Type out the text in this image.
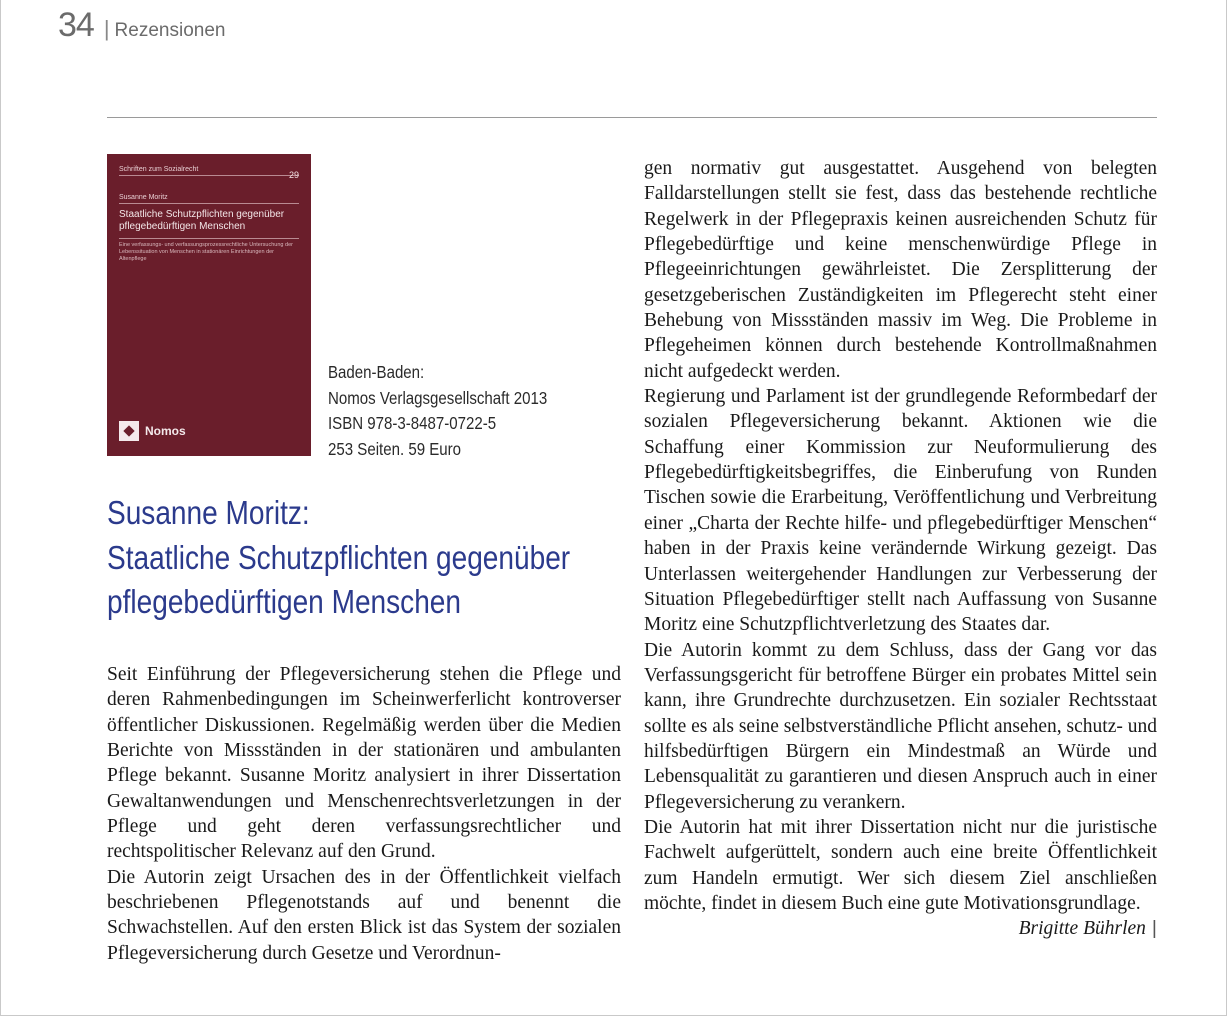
34 | Rezensionen
Schriften zum Sozialrecht
29
Susanne Moritz
Staatliche Schutzpflichten gegenüber pflegebedürftigen Menschen
Eine verfassungs- und verfassungsprozessrechtliche Untersuchung der Lebenssituation von Menschen in stationären Einrichtungen der Altenpflege
Nomos
Baden-Baden:
Nomos Verlagsgesellschaft 2013
ISBN 978-3-8487-0722-5
253 Seiten. 59 Euro
Susanne Moritz:
Staatliche Schutzpflichten gegenüber
pflegebedürftigen Menschen

Seit Einführung der Pflegeversicherung stehen die Pflege und deren Rahmenbedingungen im Scheinwerferlicht kontroverser öffentlicher Diskussionen. Regelmäßig werden über die Medien Berichte von Missständen in der stationären und ambulanten Pflege bekannt. Susanne Moritz analysiert in ihrer Dissertation Gewaltanwendungen und Menschenrechtsverletzungen in der Pflege und geht deren verfassungsrechtlicher und rechtspolitischer Relevanz auf den Grund.

Die Autorin zeigt Ursachen des in der Öffentlichkeit vielfach beschriebenen Pflegenotstands auf und benennt die Schwachstellen. Auf den ersten Blick ist das System der sozialen Pflegeversicherung durch Gesetze und Verordnun-

gen normativ gut ausgestattet. Ausgehend von belegten Falldarstellungen stellt sie fest, dass das bestehende rechtliche Regelwerk in der Pflegepraxis keinen ausreichenden Schutz für Pflegebedürftige und keine menschenwürdige Pflege in Pflegeeinrichtungen gewährleistet. Die Zersplitterung der gesetzgeberischen Zuständigkeiten im Pflegerecht steht einer Behebung von Missständen massiv im Weg. Die Probleme in Pflegeheimen können durch bestehende Kontrollmaßnahmen nicht aufgedeckt werden.

Regierung und Parlament ist der grundlegende Reformbedarf der sozialen Pflegeversicherung bekannt. Aktionen wie die Schaffung einer Kommission zur Neuformulierung des Pflegebedürftigkeitsbegriffes, die Einberufung von Runden Tischen sowie die Erarbeitung, Veröffentlichung und Verbreitung einer „Charta der Rechte hilfe- und pflegebedürftiger Menschen“ haben in der Praxis keine verändernde Wirkung gezeigt. Das Unterlassen weitergehender Handlungen zur Verbesserung der Situation Pflegebedürftiger stellt nach Auffassung von Susanne Moritz eine Schutzpflichtverletzung des Staates dar.

Die Autorin kommt zu dem Schluss, dass der Gang vor das Verfassungsgericht für betroffene Bürger ein probates Mittel sein kann, ihre Grundrechte durchzusetzen. Ein sozialer Rechtsstaat sollte es als seine selbstverständliche Pflicht ansehen, schutz- und hilfsbedürftigen Bürgern ein Mindestmaß an Würde und Lebensqualität zu garantieren und diesen Anspruch auch in einer Pflegeversicherung zu verankern.

Die Autorin hat mit ihrer Dissertation nicht nur die juristische Fachwelt aufgerüttelt, sondern auch eine breite Öffentlichkeit zum Handeln ermutigt. Wer sich diesem Ziel anschließen möchte, findet in diesem Buch eine gute Motivationsgrundlage.

Brigitte Bührlen |
